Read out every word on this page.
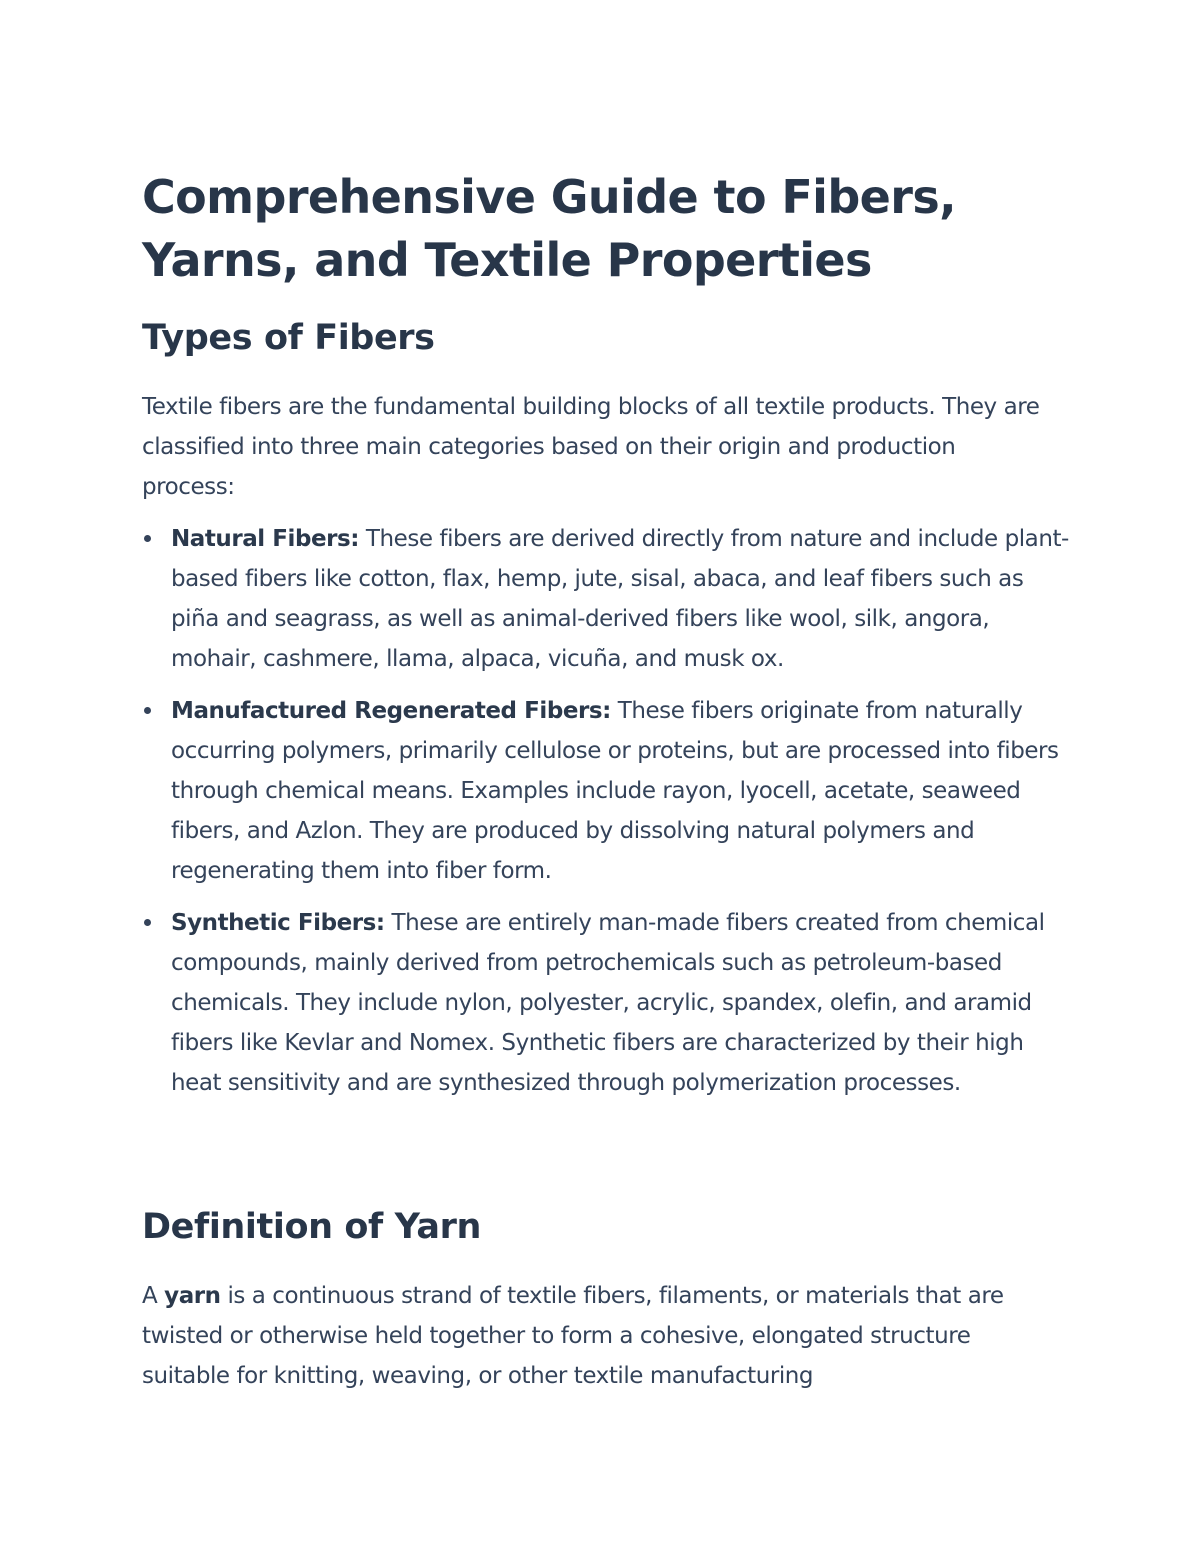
Comprehensive Guide to Fibers, Yarns, and Textile Properties
Types of Fibers

Textile fibers are the fundamental building blocks of all textile products. They are classified into three main categories based on their origin and production process:

Natural Fibers: These fibers are derived directly from nature and include plant-based fibers like cotton, flax, hemp, jute, sisal, abaca, and leaf fibers such as piña and seagrass, as well as animal-derived fibers like wool, silk, angora, mohair, cashmere, llama, alpaca, vicuña, and musk ox.
Manufactured Regenerated Fibers: These fibers originate from naturally occurring polymers, primarily cellulose or proteins, but are processed into fibers through chemical means. Examples include rayon, lyocell, acetate, seaweed fibers, and Azlon. They are produced by dissolving natural polymers and regenerating them into fiber form.
Synthetic Fibers: These are entirely man-made fibers created from chemical compounds, mainly derived from petrochemicals such as petroleum-based chemicals. They include nylon, polyester, acrylic, spandex, olefin, and aramid fibers like Kevlar and Nomex. Synthetic fibers are characterized by their high heat sensitivity and are synthesized through polymerization processes.
Definition of Yarn

A yarn is a continuous strand of textile fibers, filaments, or materials that are twisted or otherwise held together to form a cohesive, elongated structure suitable for knitting, weaving, or other textile manufacturing
